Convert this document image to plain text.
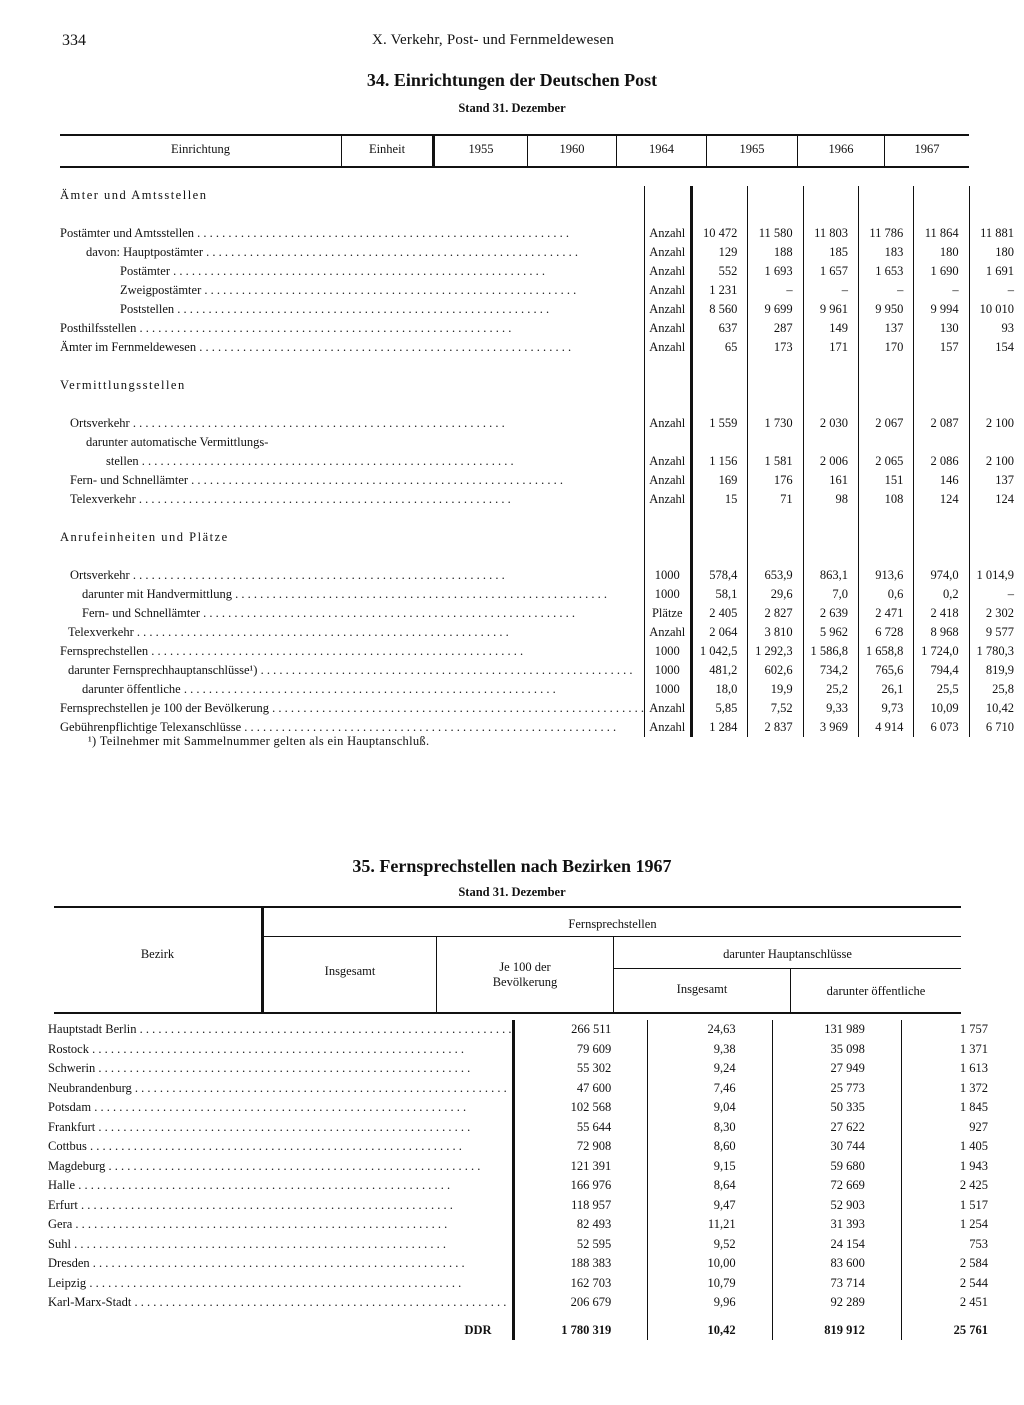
334	X. Verkehr, Post- und Fernmeldewesen
34. Einrichtungen der Deutschen Post
Stand 31. Dezember
Einrichtung	Einheit	1955	1960	1964	1965	1966	1967
Ämter und Amtsstellen							

Postämter und Amtsstellen . . . . . . . . . . . . . . . . . . . . . . . . . . . . . . . . . . . . . . . . . . . . . . . . . . . . . . . . . . . .	Anzahl	10 472	11 580	11 803	11 786	11 864	11 881

davon: Hauptpostämter . . . . . . . . . . . . . . . . . . . . . . . . . . . . . . . . . . . . . . . . . . . . . . . . . . . . . . . . . . . .	Anzahl	129	188	185	183	180	180

Postämter . . . . . . . . . . . . . . . . . . . . . . . . . . . . . . . . . . . . . . . . . . . . . . . . . . . . . . . . . . . .	Anzahl	552	1 693	1 657	1 653	1 690	1 691

Zweigpostämter . . . . . . . . . . . . . . . . . . . . . . . . . . . . . . . . . . . . . . . . . . . . . . . . . . . . . . . . . . . .	Anzahl	1 231	–	–	–	–	–

Poststellen . . . . . . . . . . . . . . . . . . . . . . . . . . . . . . . . . . . . . . . . . . . . . . . . . . . . . . . . . . . .	Anzahl	8 560	9 699	9 961	9 950	9 994	10 010

Posthilfsstellen . . . . . . . . . . . . . . . . . . . . . . . . . . . . . . . . . . . . . . . . . . . . . . . . . . . . . . . . . . . .	Anzahl	637	287	149	137	130	93

Ämter im Fernmeldewesen . . . . . . . . . . . . . . . . . . . . . . . . . . . . . . . . . . . . . . . . . . . . . . . . . . . . . . . . . . . .	Anzahl	65	173	171	170	157	154

Vermittlungsstellen							

Ortsverkehr . . . . . . . . . . . . . . . . . . . . . . . . . . . . . . . . . . . . . . . . . . . . . . . . . . . . . . . . . . . .	Anzahl	1 559	1 730	2 030	2 067	2 087	2 100

darunter automatische Vermittlungs-							

stellen . . . . . . . . . . . . . . . . . . . . . . . . . . . . . . . . . . . . . . . . . . . . . . . . . . . . . . . . . . . .	Anzahl	1 156	1 581	2 006	2 065	2 086	2 100

Fern- und Schnellämter . . . . . . . . . . . . . . . . . . . . . . . . . . . . . . . . . . . . . . . . . . . . . . . . . . . . . . . . . . . .	Anzahl	169	176	161	151	146	137

Telexverkehr . . . . . . . . . . . . . . . . . . . . . . . . . . . . . . . . . . . . . . . . . . . . . . . . . . . . . . . . . . . .	Anzahl	15	71	98	108	124	124

Anrufeinheiten und Plätze							

Ortsverkehr . . . . . . . . . . . . . . . . . . . . . . . . . . . . . . . . . . . . . . . . . . . . . . . . . . . . . . . . . . . .	1000	578,4	653,9	863,1	913,6	974,0	1 014,9

darunter mit Handvermittlung . . . . . . . . . . . . . . . . . . . . . . . . . . . . . . . . . . . . . . . . . . . . . . . . . . . . . . . . . . . .	1000	58,1	29,6	7,0	0,6	0,2	–

Fern- und Schnellämter . . . . . . . . . . . . . . . . . . . . . . . . . . . . . . . . . . . . . . . . . . . . . . . . . . . . . . . . . . . .	Plätze	2 405	2 827	2 639	2 471	2 418	2 302

Telexverkehr . . . . . . . . . . . . . . . . . . . . . . . . . . . . . . . . . . . . . . . . . . . . . . . . . . . . . . . . . . . .	Anzahl	2 064	3 810	5 962	6 728	8 968	9 577

Fernsprechstellen . . . . . . . . . . . . . . . . . . . . . . . . . . . . . . . . . . . . . . . . . . . . . . . . . . . . . . . . . . . .	1000	1 042,5	1 292,3	1 586,8	1 658,8	1 724,0	1 780,3

darunter Fernsprechhauptanschlüsse¹) . . . . . . . . . . . . . . . . . . . . . . . . . . . . . . . . . . . . . . . . . . . . . . . . . . . . . . . . . . . .	1000	481,2	602,6	734,2	765,6	794,4	819,9

darunter öffentliche . . . . . . . . . . . . . . . . . . . . . . . . . . . . . . . . . . . . . . . . . . . . . . . . . . . . . . . . . . . .	1000	18,0	19,9	25,2	26,1	25,5	25,8

Fernsprechstellen je 100 der Bevölkerung . . . . . . . . . . . . . . . . . . . . . . . . . . . . . . . . . . . . . . . . . . . . . . . . . . . . . . . . . . . .	Anzahl	5,85	7,52	9,33	9,73	10,09	10,42

Gebührenpflichtige Telexanschlüsse . . . . . . . . . . . . . . . . . . . . . . . . . . . . . . . . . . . . . . . . . . . . . . . . . . . . . . . . . . . .	Anzahl	1 284	2 837	3 969	4 914	6 073	6 710
¹) Teilnehmer mit Sammelnummer gelten als ein Hauptanschluß.
35. Fernsprechstellen nach Bezirken 1967
Stand 31. Dezember
Bezirk
Fernsprechstellen
Insgesamt	Je 100 der
Bevölkerung
darunter Hauptanschlüsse
Insgesamt	darunter öffentliche
Hauptstadt Berlin . . . . . . . . . . . . . . . . . . . . . . . . . . . . . . . . . . . . . . . . . . . . . . . . . . . . . . . . . . . .	266 511	24,63	131 989	1 757

Rostock . . . . . . . . . . . . . . . . . . . . . . . . . . . . . . . . . . . . . . . . . . . . . . . . . . . . . . . . . . . .	79 609	9,38	35 098	1 371

Schwerin . . . . . . . . . . . . . . . . . . . . . . . . . . . . . . . . . . . . . . . . . . . . . . . . . . . . . . . . . . . .	55 302	9,24	27 949	1 613

Neubrandenburg . . . . . . . . . . . . . . . . . . . . . . . . . . . . . . . . . . . . . . . . . . . . . . . . . . . . . . . . . . . .	47 600	7,46	25 773	1 372

Potsdam . . . . . . . . . . . . . . . . . . . . . . . . . . . . . . . . . . . . . . . . . . . . . . . . . . . . . . . . . . . .	102 568	9,04	50 335	1 845

Frankfurt . . . . . . . . . . . . . . . . . . . . . . . . . . . . . . . . . . . . . . . . . . . . . . . . . . . . . . . . . . . .	55 644	8,30	27 622	927

Cottbus . . . . . . . . . . . . . . . . . . . . . . . . . . . . . . . . . . . . . . . . . . . . . . . . . . . . . . . . . . . .	72 908	8,60	30 744	1 405

Magdeburg . . . . . . . . . . . . . . . . . . . . . . . . . . . . . . . . . . . . . . . . . . . . . . . . . . . . . . . . . . . .	121 391	9,15	59 680	1 943

Halle . . . . . . . . . . . . . . . . . . . . . . . . . . . . . . . . . . . . . . . . . . . . . . . . . . . . . . . . . . . .	166 976	8,64	72 669	2 425

Erfurt . . . . . . . . . . . . . . . . . . . . . . . . . . . . . . . . . . . . . . . . . . . . . . . . . . . . . . . . . . . .	118 957	9,47	52 903	1 517

Gera . . . . . . . . . . . . . . . . . . . . . . . . . . . . . . . . . . . . . . . . . . . . . . . . . . . . . . . . . . . .	82 493	11,21	31 393	1 254

Suhl . . . . . . . . . . . . . . . . . . . . . . . . . . . . . . . . . . . . . . . . . . . . . . . . . . . . . . . . . . . .	52 595	9,52	24 154	753

Dresden . . . . . . . . . . . . . . . . . . . . . . . . . . . . . . . . . . . . . . . . . . . . . . . . . . . . . . . . . . . .	188 383	10,00	83 600	2 584

Leipzig . . . . . . . . . . . . . . . . . . . . . . . . . . . . . . . . . . . . . . . . . . . . . . . . . . . . . . . . . . . .	162 703	10,79	73 714	2 544

Karl-Marx-Stadt . . . . . . . . . . . . . . . . . . . . . . . . . . . . . . . . . . . . . . . . . . . . . . . . . . . . . . . . . . . .	206 679	9,96	92 289	2 451
DDR	1 780 319	10,42	819 912	25 761
